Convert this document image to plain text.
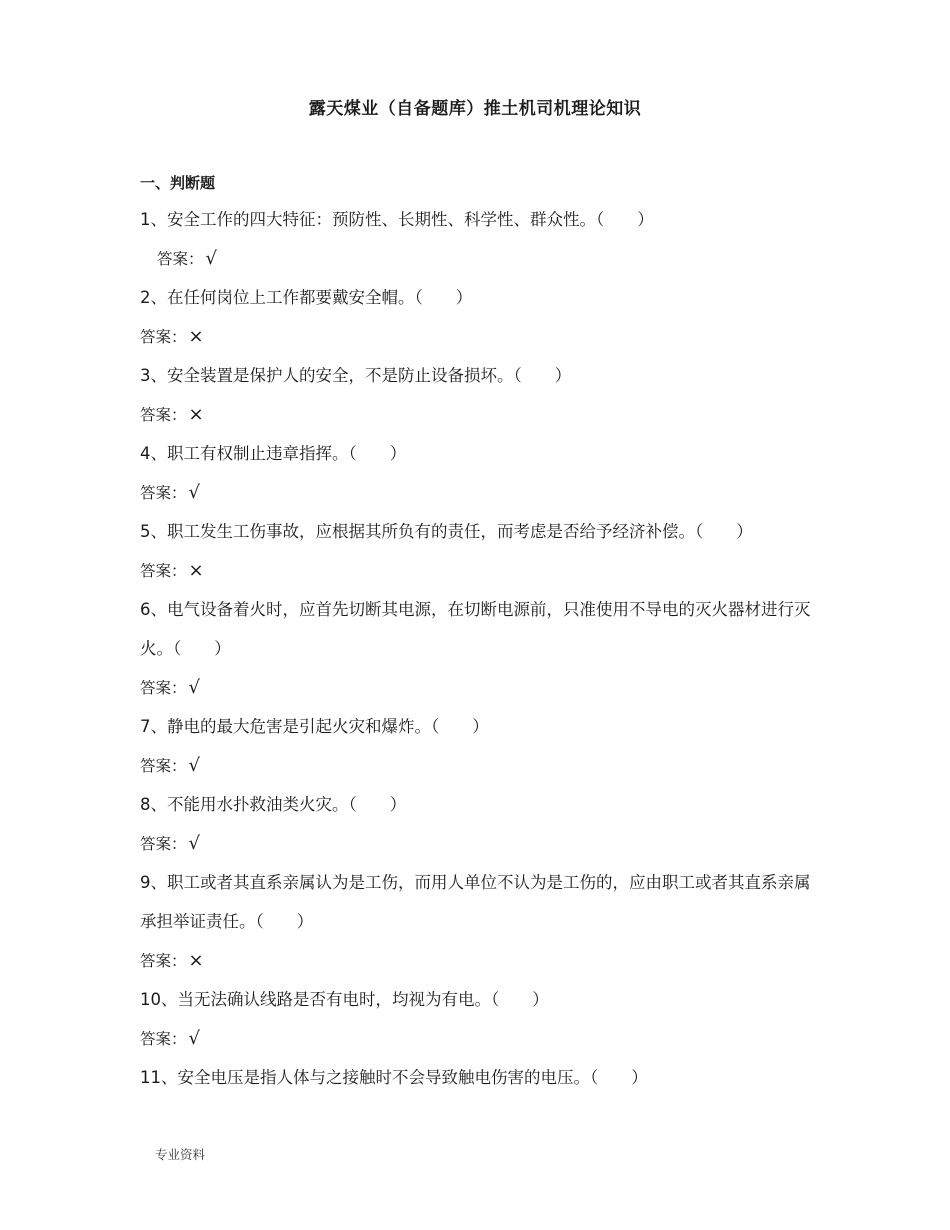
露天煤业（自备题库）推土机司机理论知识
一、判断题
1、安全工作的四大特征：预防性、长期性、科学性、群众性。（　　）
答案： √
2、在任何岗位上工作都要戴安全帽。（　　）
答案： ×
3、安全装置是保护人的安全，不是防止设备损坏。（　　）
答案： ×
4、职工有权制止违章指挥。（　　）
答案： √
5、职工发生工伤事故，应根据其所负有的责任，而考虑是否给予经济补偿。（　　）
答案： ×
6、电气设备着火时，应首先切断其电源，在切断电源前，只准使用不导电的灭火器材进行灭火。（　　）
答案： √
7、静电的最大危害是引起火灾和爆炸。（　　）
答案： √
8、不能用水扑救油类火灾。（　　）
答案： √
9、职工或者其直系亲属认为是工伤，而用人单位不认为是工伤的，应由职工或者其直系亲属承担举证责任。（　　）
答案： ×
10、当无法确认线路是否有电时，均视为有电。（　　）
答案： √
11、安全电压是指人体与之接触时不会导致触电伤害的电压。（　　）
专业资料
